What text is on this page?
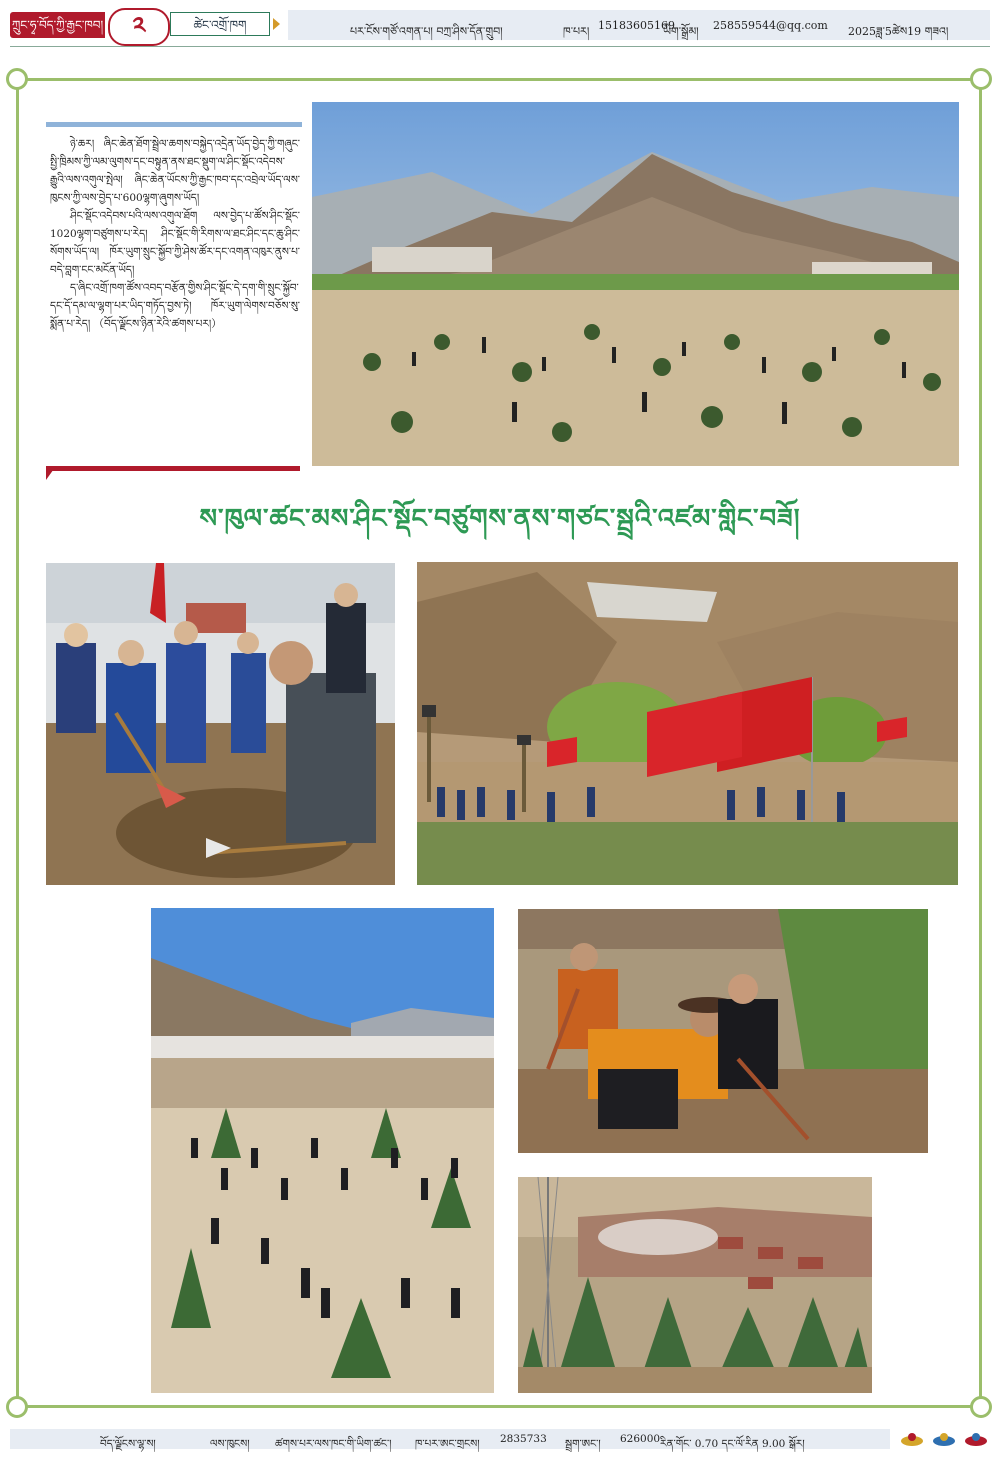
ཀྲུང་ཧྭ་བོད་ཀྱི་རྒྱང་ཁབ།	༢	ཚེང་འགྲོ་ཁག	པར་ངོས་གཙོ་འགན་པ། བཀྲ་ཤིས་དོན་གྲུབ།	ཁ་པར། 15183605169
ཡིག་སྒྲོམ། 258559544@qq.com 2025ཟླ་5ཚེས19 གཟའ།

ཉེ་ཆར། ཞིང་ཆེན་ཐོག་སྦྲེལ་ཆགས་བསྐྱེད་འདྲེན་ཡོད་བྱེད་ཀྱི་གཞུང་སྤྱི་ཁྲིམས་ཀྱི་ལམ་ལུགས་དང་བསྟུན་ནས་ཐང་སྡུག་ལ་ཤིང་སྡོང་འདེབས་རྒྱུའི་ལས་འགུལ་སྤེལ། ཞིང་ཆེན་ཡོངས་ཀྱི་རྒྱང་ཁབ་དང་འབྲེལ་ཡོད་ལས་ཁུངས་ཀྱི་ལས་བྱེད་པ་600ལྷག་ཞུགས་ཡོད།

ཤིང་སྡོང་འདེབས་པའི་ལས་འགུལ་ཐོག ལས་བྱེད་པ་ཚོས་ཤིང་སྡོང་1020ལྷག་བཙུགས་པ་རེད། ཤིང་སྡོང་གི་རིགས་ལ་ཐང་ཤིང་དང་ཆུ་ཤིང་སོགས་ཡོད་ལ། ཁོར་ཡུག་སྲུང་སྐྱོབ་ཀྱི་ཤེས་ཚོར་དང་འགན་འཁུར་ནུས་པ་བདེ་བླག་ངང་མངོན་ཡོད།

ད་ཞིང་འགྲོ་ཁག་ཚོས་འབད་བརྩོན་གྱིས་ཤིང་སྡོང་དེ་དག་གི་སྲུང་སྐྱོབ་དང་དོ་དམ་ལ་ལྷག་པར་ཡིད་གཏོད་བྱས་ཏེ། ཁོར་ཡུག་ལེགས་བཅོས་སུ་སྨོན་པ་རེད། （བོད་ལྗོངས་ཉིན་རེའི་ཚགས་པར།）

ས་ཁུལ་ཚང་མས་ཤིང་སྡོང་བཙུགས་ནས་གཙང་སྦྲའི་འཛམ་གླིང་བཟོ།
བོད་ལྗོངས་ལྷ་ས།	ལས་ཁུངས། ཚགས་པར་ལས་ཁང་གི་ཡིག་ཚང་། ཁ་པར་ཨང་གྲངས། 2835733 སྦྲག་ཨང་། 626000 རིན་གོང་ 0.70 དང་ལོ་རིན 9.00 སྒོར།
